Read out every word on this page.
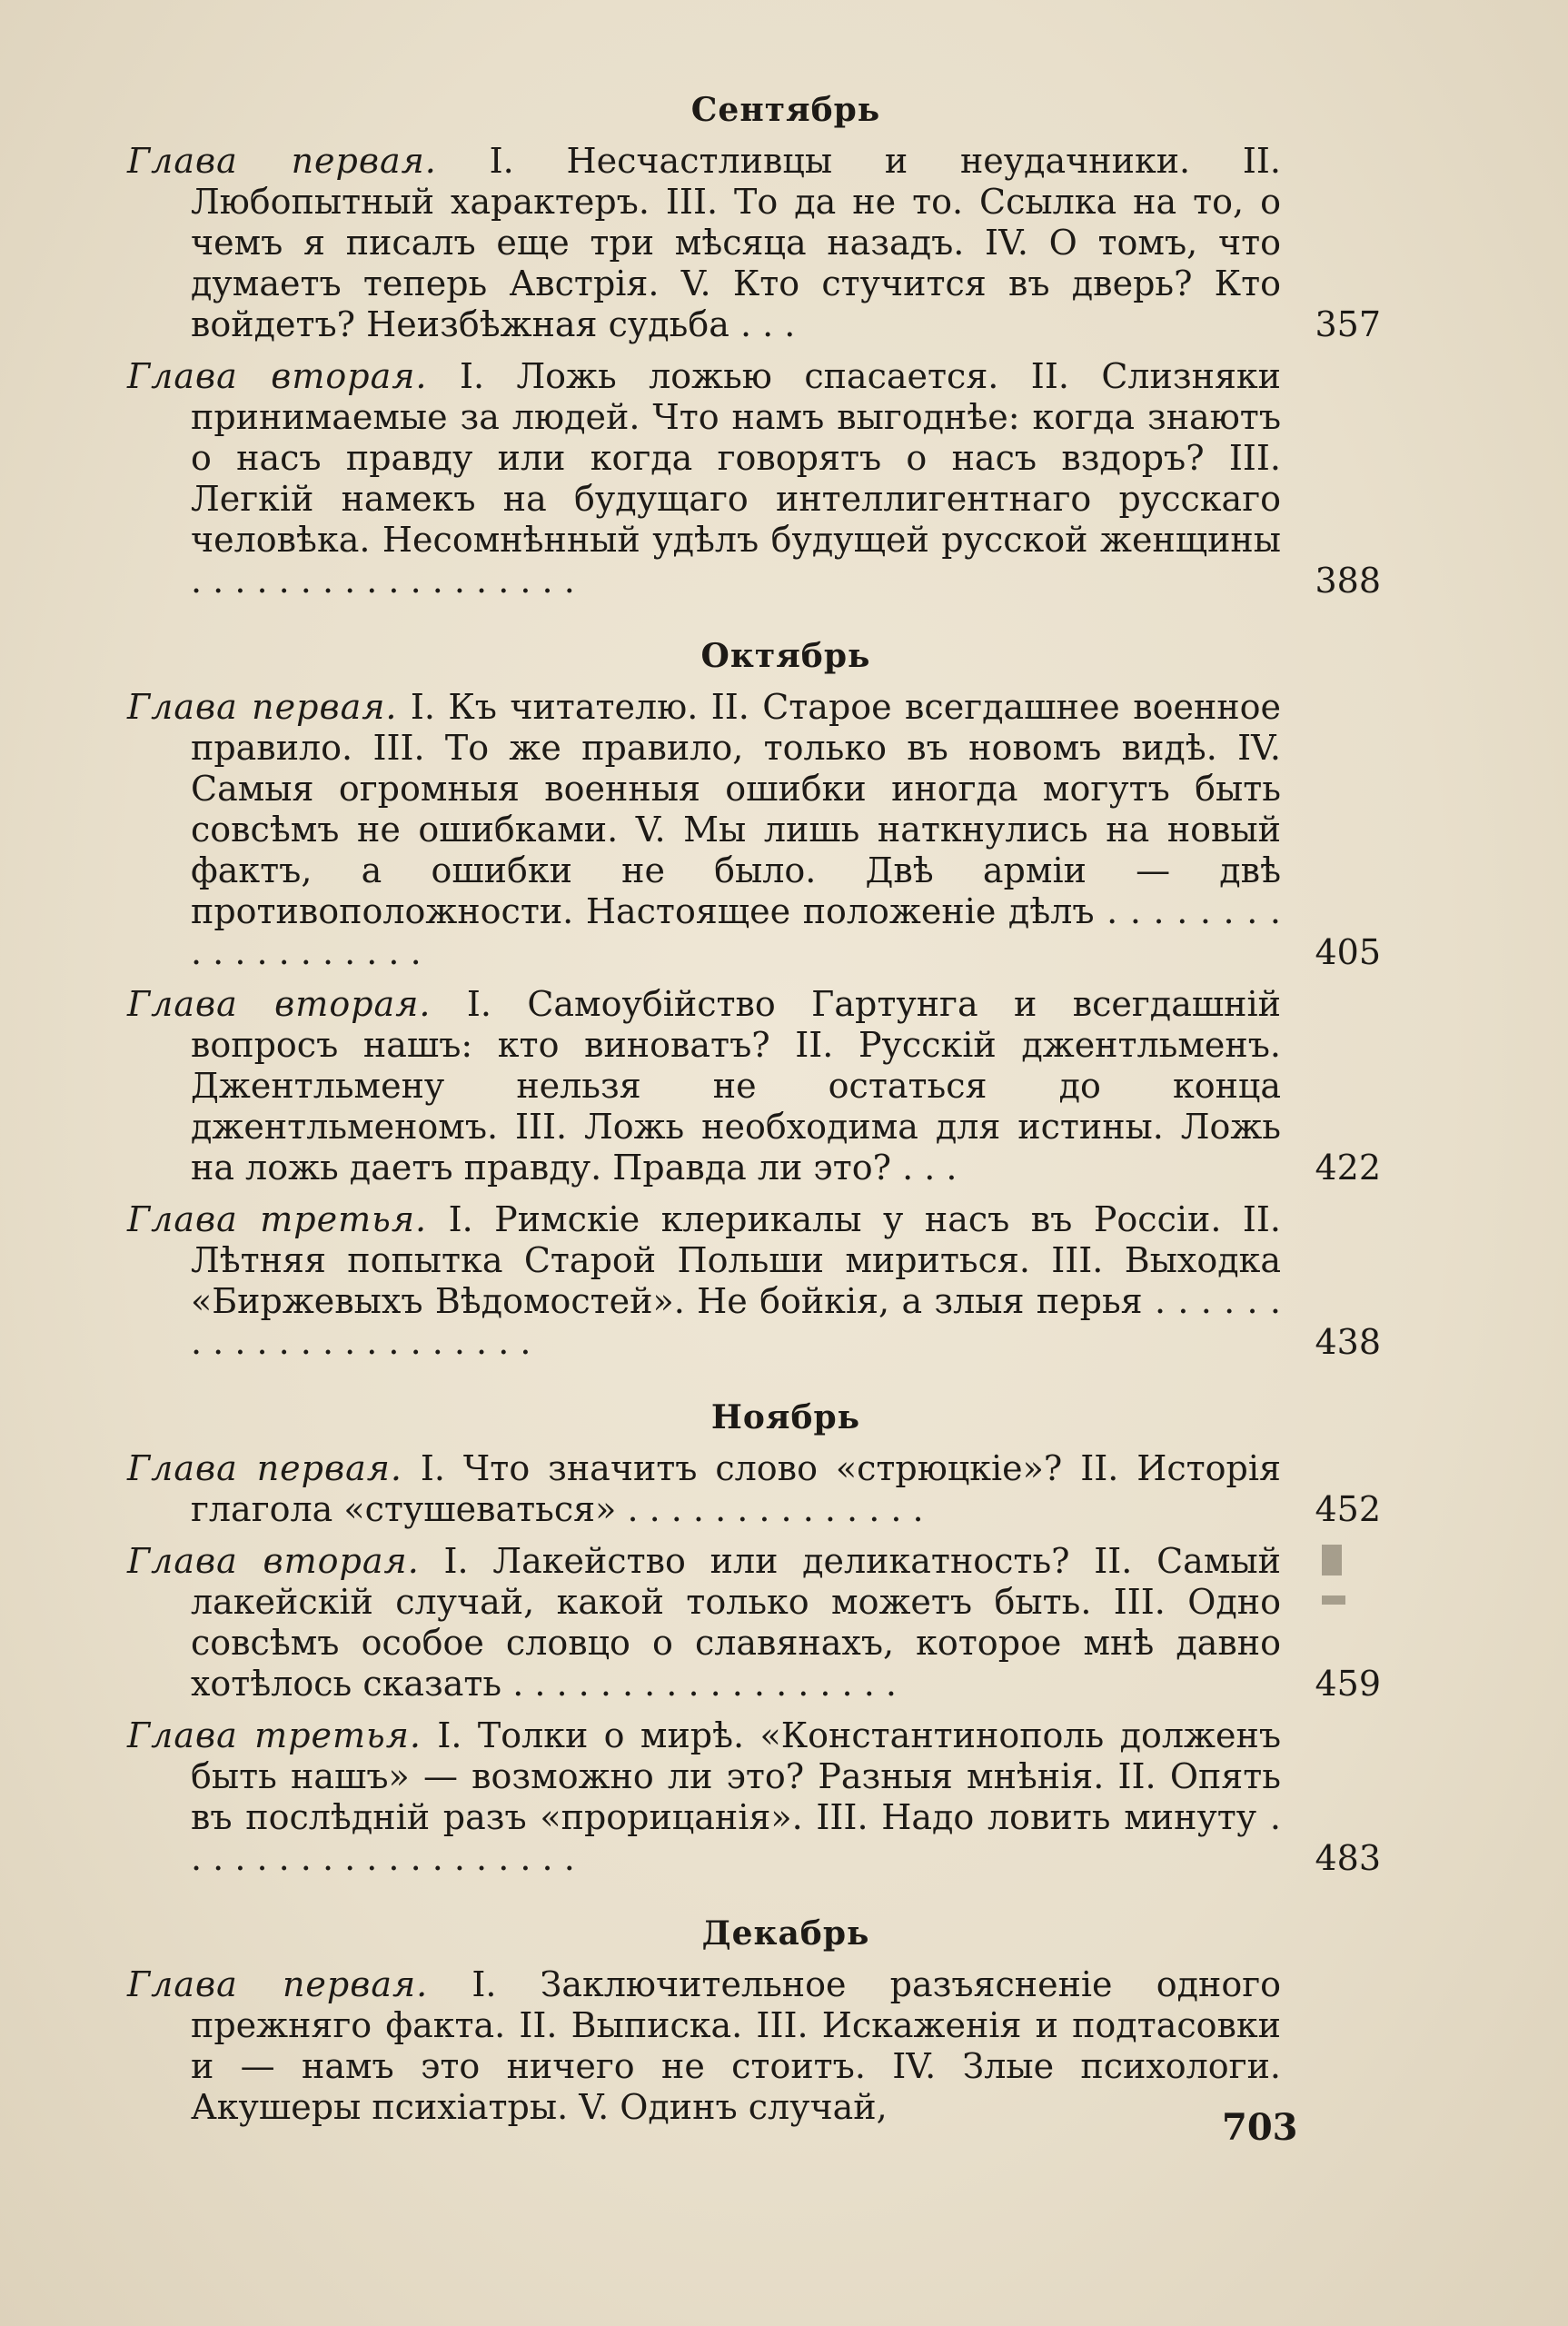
Сентябрь
Глава первая. I. Несчастливцы и неудачники. II. Любопытный характеръ. III. То да не то. Ссылка на то, о чемъ я писалъ еще три мѣсяца назадъ. IV. О томъ, что думаетъ теперь Австрія. V. Кто стучится въ дверь? Кто войдетъ? Неизбѣжная судьба . . .	357
Глава вторая. I. Ложь ложью спасается. II. Слизняки принимаемые за людей. Что намъ выгоднѣе: когда знаютъ о насъ правду или когда говорятъ о насъ вздоръ? III. Легкій намекъ на будущаго интеллигентнаго русскаго человѣка. Несомнѣнный удѣлъ будущей русской женщины . . . . . . . . . . . . . . . . . .	388
Октябрь
Глава первая. I. Къ читателю. II. Старое всегдашнее военное правило. III. То же правило, только въ новомъ видѣ. IV. Самыя огромныя военныя ошибки иногда могутъ быть совсѣмъ не ошибками. V. Мы лишь наткнулись на новый фактъ, а ошибки не было. Двѣ арміи — двѣ противоположности. Настоящее положеніе дѣлъ . . . . . . . . . . . . . . . . . . .	405
Глава вторая. I. Самоубійство Гартунга и всегдашній вопросъ нашъ: кто виноватъ? II. Русскій джентльменъ. Джентльмену нельзя не остаться до конца джентльменомъ. III. Ложь необходима для истины. Ложь на ложь даетъ правду. Правда ли это? . . .	422
Глава третья. I. Римскіе клерикалы у насъ въ Россіи. II. Лѣтняя попытка Старой Польши мириться. III. Выходка «Биржевыхъ Вѣдомостей». Не бойкія, а злыя перья . . . . . . . . . . . . . . . . . . . . . .	438
Ноябрь
Глава первая. I. Что значитъ слово «стрюцкіе»? II. Исторія глагола «стушеваться» . . . . . . . . . . . . . .	452
Глава вторая. I. Лакейство или деликатность? II. Самый лакейскій случай, какой только можетъ быть. III. Одно совсѣмъ особое словцо о славянахъ, которое мнѣ давно хотѣлось сказать . . . . . . . . . . . . . . . . . .	459
Глава третья. I. Толки о мирѣ. «Константинополь долженъ быть нашъ» — возможно ли это? Разныя мнѣнія. II. Опять въ послѣдній разъ «прорицанія». III. Надо ловить минуту . . . . . . . . . . . . . . . . . . .	483
Декабрь
Глава первая. I. Заключительное разъясненіе одного прежняго факта. II. Выписка. III. Искаженія и подтасовки и — намъ это ничего не стоитъ. IV. Злые психологи. Акушеры психіатры. V. Одинъ случай,	703
